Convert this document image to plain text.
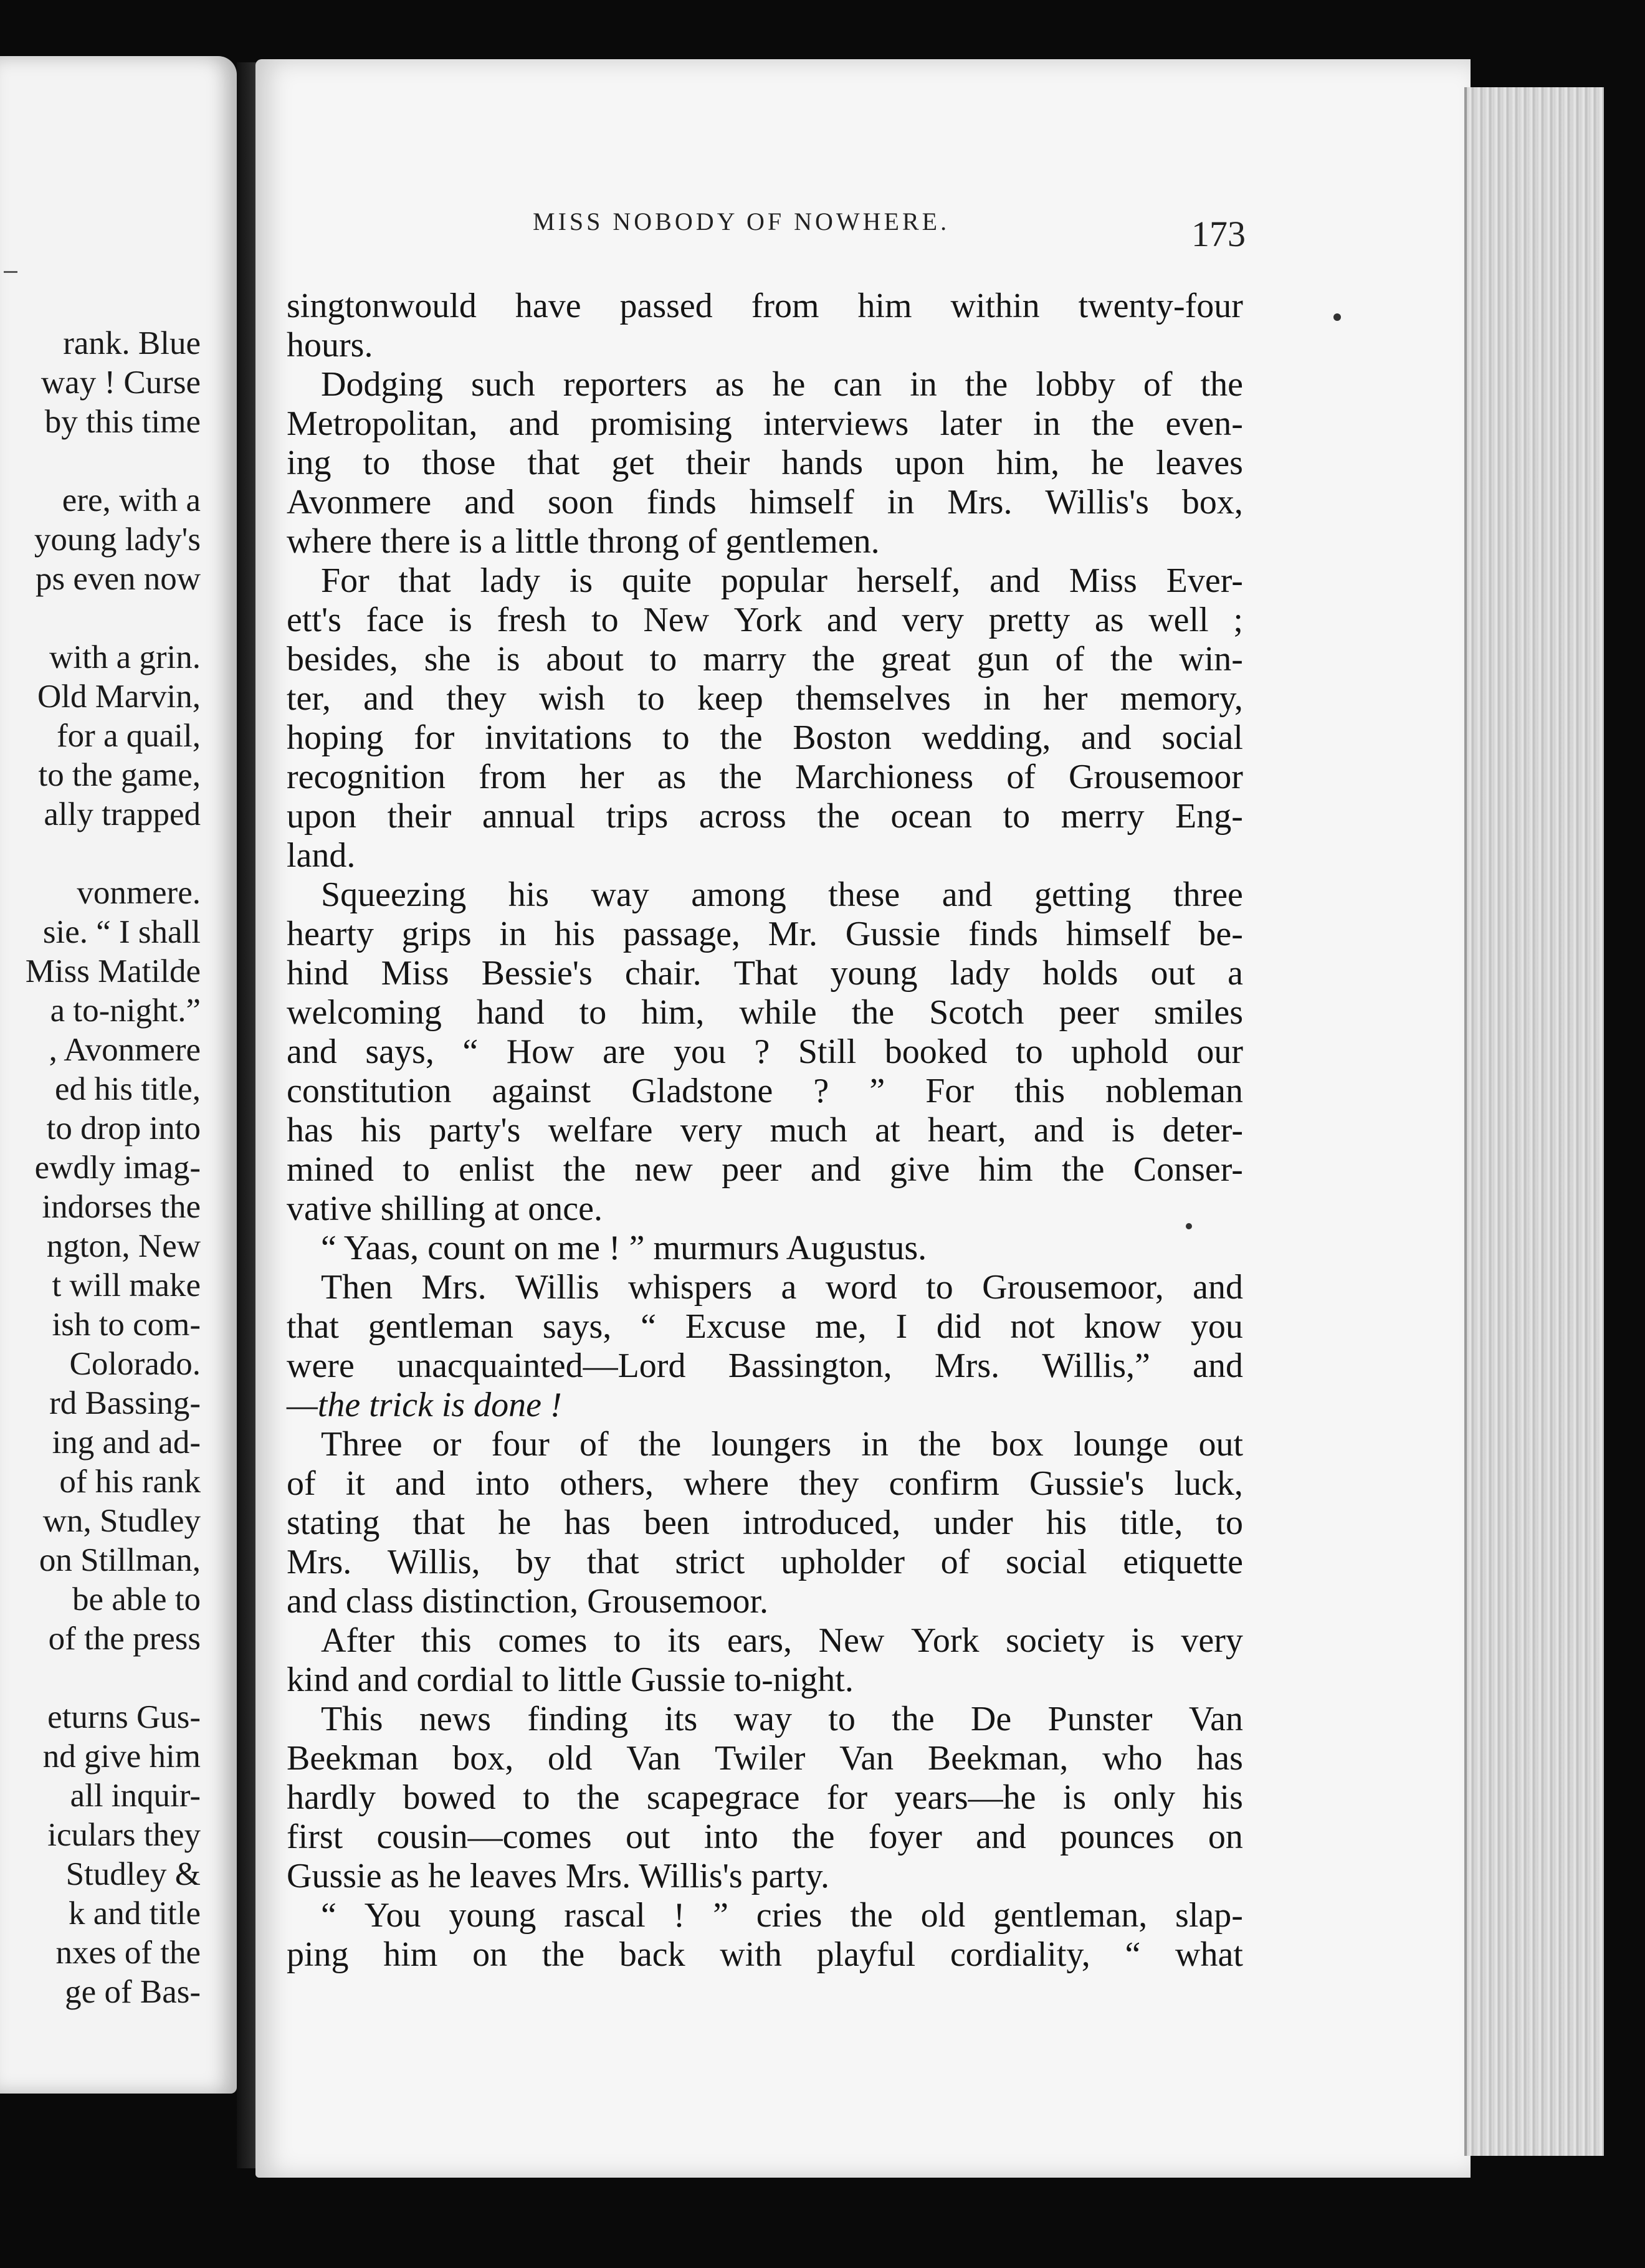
rank. Blue
way ! Curse
by this time
ere, with a
young lady's
ps even now
with a grin.
Old Marvin,
for a quail,
to the game,
ally trapped
vonmere.
sie. “ I shall
Miss Matilde
a to-night.”
, Avonmere
ed his title,
to drop into
ewdly imag-
indorses the
ngton, New
t will make
ish to com-
Colorado.
rd Bassing-
ing and ad-
of his rank
wn, Studley
on Stillman,
be able to
of the press
eturns Gus-
nd give him
all inquir-
iculars they
Studley &
k and title
nxes of the
ge of Bas-
MISS NOBODY OF NOWHERE.	173
singtonwould have passed from him within twenty-four
hours.
Dodging such reporters as he can in the lobby of the
Metropolitan, and promising interviews later in the even-
ing to those that get their hands upon him, he leaves
Avonmere and soon finds himself in Mrs. Willis's box,
where there is a little throng of gentlemen.
For that lady is quite popular herself, and Miss Ever-
ett's face is fresh to New York and very pretty as well ;
besides, she is about to marry the great gun of the win-
ter, and they wish to keep themselves in her memory,
hoping for invitations to the Boston wedding, and social
recognition from her as the Marchioness of Grousemoor
upon their annual trips across the ocean to merry Eng-
land.
Squeezing his way among these and getting three
hearty grips in his passage, Mr. Gussie finds himself be-
hind Miss Bessie's chair. That young lady holds out a
welcoming hand to him, while the Scotch peer smiles
and says, “ How are you ? Still booked to uphold our
constitution against Gladstone ? ” For this nobleman
has his party's welfare very much at heart, and is deter-
mined to enlist the new peer and give him the Conser-
vative shilling at once.
“ Yaas, count on me ! ” murmurs Augustus.
Then Mrs. Willis whispers a word to Grousemoor, and
that gentleman says, “ Excuse me, I did not know you
were unacquainted—Lord Bassington, Mrs. Willis,” and
—the trick is done !
Three or four of the loungers in the box lounge out
of it and into others, where they confirm Gussie's luck,
stating that he has been introduced, under his title, to
Mrs. Willis, by that strict upholder of social etiquette
and class distinction, Grousemoor.
After this comes to its ears, New York society is very
kind and cordial to little Gussie to-night.
This news finding its way to the De Punster Van
Beekman box, old Van Twiler Van Beekman, who has
hardly bowed to the scapegrace for years—he is only his
first cousin—comes out into the foyer and pounces on
Gussie as he leaves Mrs. Willis's party.
“ You young rascal ! ” cries the old gentleman, slap-
ping him on the back with playful cordiality, “ what
